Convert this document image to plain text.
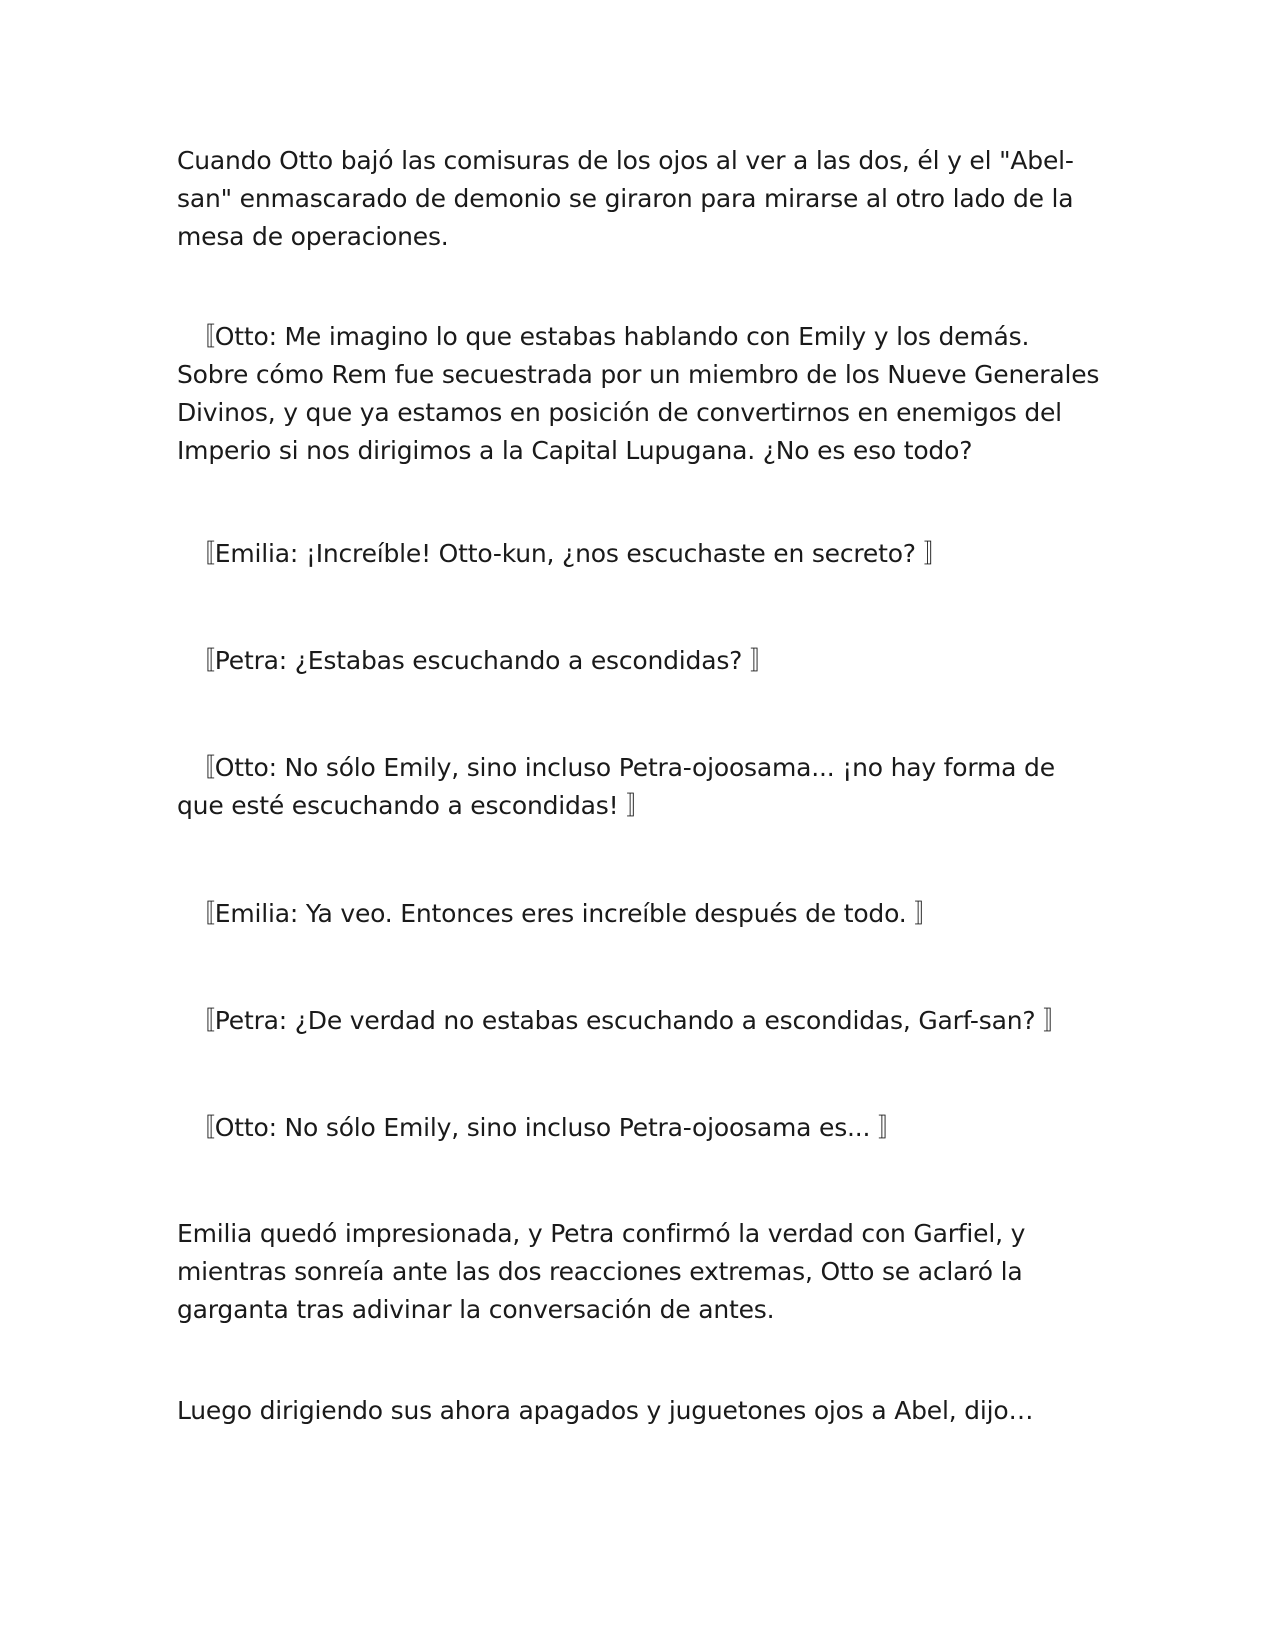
Cuando Otto bajó las comisuras de los ojos al ver a las dos, él y el "Abel-san" enmascarado de demonio se giraron para mirarse al otro lado de la mesa de operaciones.

〚Otto: Me imagino lo que estabas hablando con Emily y los demás. Sobre cómo Rem fue secuestrada por un miembro de los Nueve Generales Divinos, y que ya estamos en posición de convertirnos en enemigos del Imperio si nos dirigimos a la Capital Lupugana. ¿No es eso todo?

〚Emilia: ¡Increíble! Otto-kun, ¿nos escuchaste en secreto? 〛

〚Petra: ¿Estabas escuchando a escondidas? 〛

〚Otto: No sólo Emily, sino incluso Petra-ojoosama... ¡no hay forma de que esté escuchando a escondidas! 〛

〚Emilia: Ya veo. Entonces eres increíble después de todo. 〛

〚Petra: ¿De verdad no estabas escuchando a escondidas, Garf-san? 〛

〚Otto: No sólo Emily, sino incluso Petra-ojoosama es... 〛

Emilia quedó impresionada, y Petra confirmó la verdad con Garfiel, y mientras sonreía ante las dos reacciones extremas, Otto se aclaró la garganta tras adivinar la conversación de antes.

Luego dirigiendo sus ahora apagados y juguetones ojos a Abel, dijo…
